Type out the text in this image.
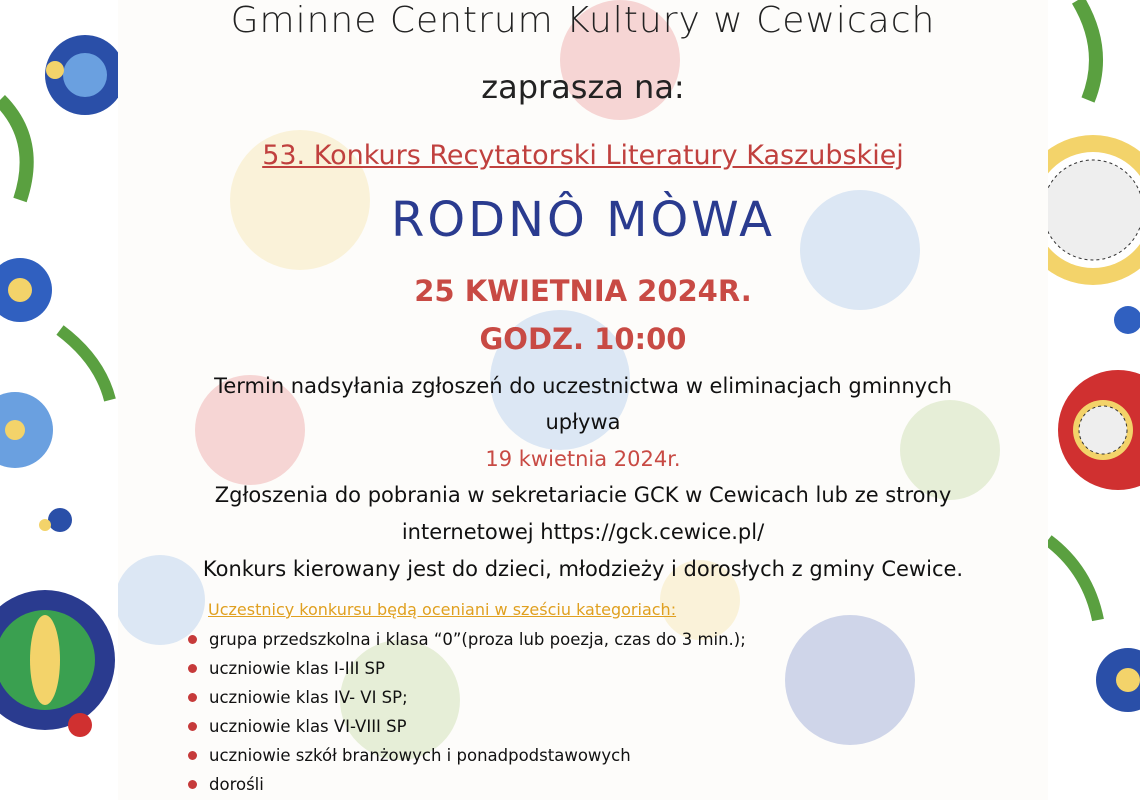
Gminne Centrum Kultury w Cewicach
zaprasza na:
53. Konkurs Recytatorski Literatury Kaszubskiej
RODNÔ MÒWA
25 KWIETNIA 2024R.
GODZ. 10:00
Termin nadsyłania zgłoszeń do uczestnictwa w eliminacjach gminnych
upływa
19 kwietnia 2024r.
Zgłoszenia do pobrania w sekretariacie GCK w Cewicach lub ze strony
internetowej https://gck.cewice.pl/
Konkurs kierowany jest do dzieci, młodzieży i dorosłych z gminy Cewice.
Uczestnicy konkursu będą oceniani w sześciu kategoriach:
grupa przedszkolna i klasa “0”(proza lub poezja, czas do 3 min.);
uczniowie klas I-III SP
uczniowie klas IV- VI SP;
uczniowie klas VI-VIII SP
uczniowie szkół branżowych i ponadpodstawowych
dorośli
